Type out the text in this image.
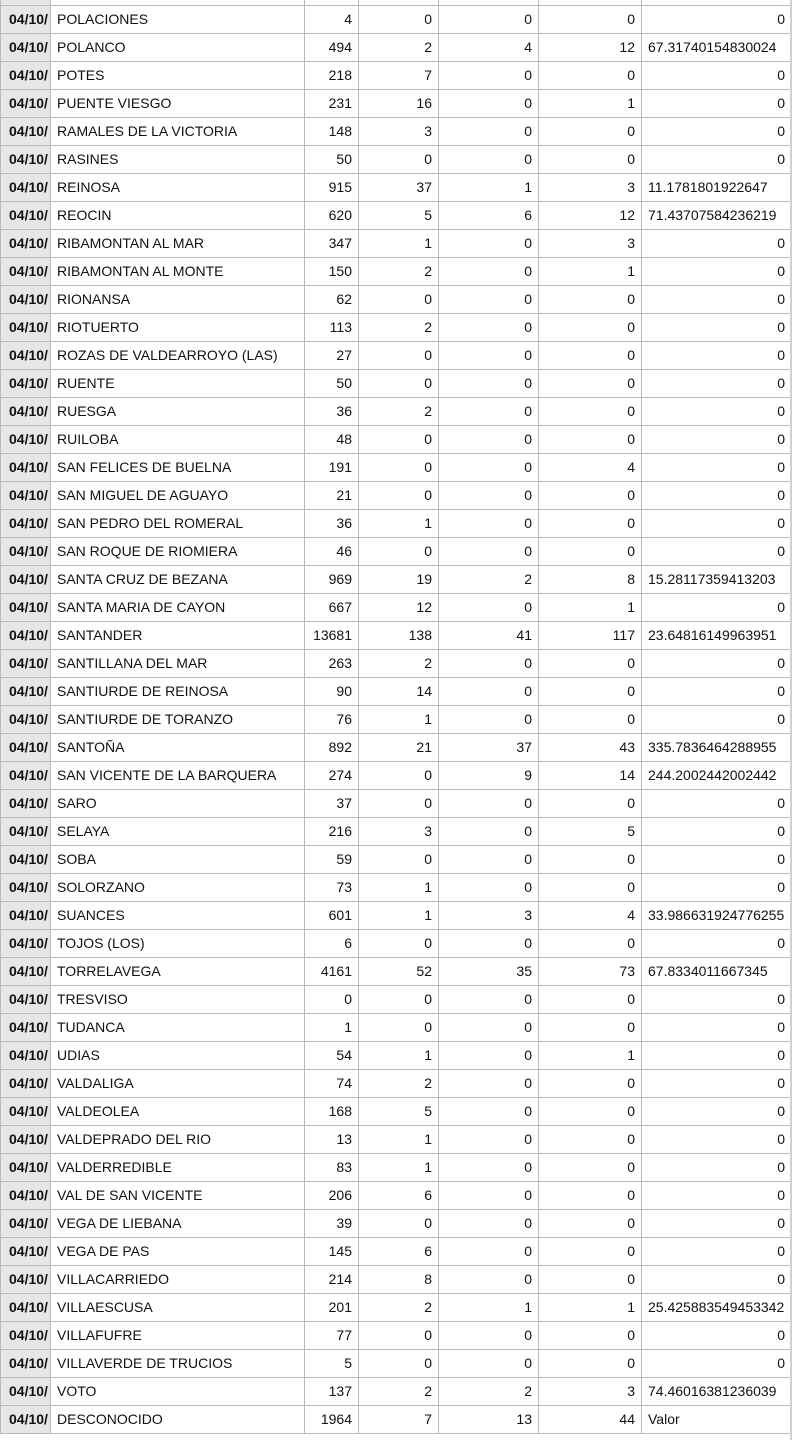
04/10/	POLACIONES	4	0	0	0	0
04/10/	POLANCO	494	2	4	12	67.31740154830024
04/10/	POTES	218	7	0	0	0
04/10/	PUENTE VIESGO	231	16	0	1	0
04/10/	RAMALES DE LA VICTORIA	148	3	0	0	0
04/10/	RASINES	50	0	0	0	0
04/10/	REINOSA	915	37	1	3	11.1781801922647
04/10/	REOCIN	620	5	6	12	71.43707584236219
04/10/	RIBAMONTAN AL MAR	347	1	0	3	0
04/10/	RIBAMONTAN AL MONTE	150	2	0	1	0
04/10/	RIONANSA	62	0	0	0	0
04/10/	RIOTUERTO	113	2	0	0	0
04/10/	ROZAS DE VALDEARROYO (LAS)	27	0	0	0	0
04/10/	RUENTE	50	0	0	0	0
04/10/	RUESGA	36	2	0	0	0
04/10/	RUILOBA	48	0	0	0	0
04/10/	SAN FELICES DE BUELNA	191	0	0	4	0
04/10/	SAN MIGUEL DE AGUAYO	21	0	0	0	0
04/10/	SAN PEDRO DEL ROMERAL	36	1	0	0	0
04/10/	SAN ROQUE DE RIOMIERA	46	0	0	0	0
04/10/	SANTA CRUZ DE BEZANA	969	19	2	8	15.28117359413203
04/10/	SANTA MARIA DE CAYON	667	12	0	1	0
04/10/	SANTANDER	13681	138	41	117	23.64816149963951
04/10/	SANTILLANA DEL MAR	263	2	0	0	0
04/10/	SANTIURDE DE REINOSA	90	14	0	0	0
04/10/	SANTIURDE DE TORANZO	76	1	0	0	0
04/10/	SANTOÑA	892	21	37	43	335.7836464288955
04/10/	SAN VICENTE DE LA BARQUERA	274	0	9	14	244.2002442002442
04/10/	SARO	37	0	0	0	0
04/10/	SELAYA	216	3	0	5	0
04/10/	SOBA	59	0	0	0	0
04/10/	SOLORZANO	73	1	0	0	0
04/10/	SUANCES	601	1	3	4	33.986631924776255
04/10/	TOJOS (LOS)	6	0	0	0	0
04/10/	TORRELAVEGA	4161	52	35	73	67.8334011667345
04/10/	TRESVISO	0	0	0	0	0
04/10/	TUDANCA	1	0	0	0	0
04/10/	UDIAS	54	1	0	1	0
04/10/	VALDALIGA	74	2	0	0	0
04/10/	VALDEOLEA	168	5	0	0	0
04/10/	VALDEPRADO DEL RIO	13	1	0	0	0
04/10/	VALDERREDIBLE	83	1	0	0	0
04/10/	VAL DE SAN VICENTE	206	6	0	0	0
04/10/	VEGA DE LIEBANA	39	0	0	0	0
04/10/	VEGA DE PAS	145	6	0	0	0
04/10/	VILLACARRIEDO	214	8	0	0	0
04/10/	VILLAESCUSA	201	2	1	1	25.425883549453342
04/10/	VILLAFUFRE	77	0	0	0	0
04/10/	VILLAVERDE DE TRUCIOS	5	0	0	0	0
04/10/	VOTO	137	2	2	3	74.46016381236039
04/10/	DESCONOCIDO	1964	7	13	44	Valor
